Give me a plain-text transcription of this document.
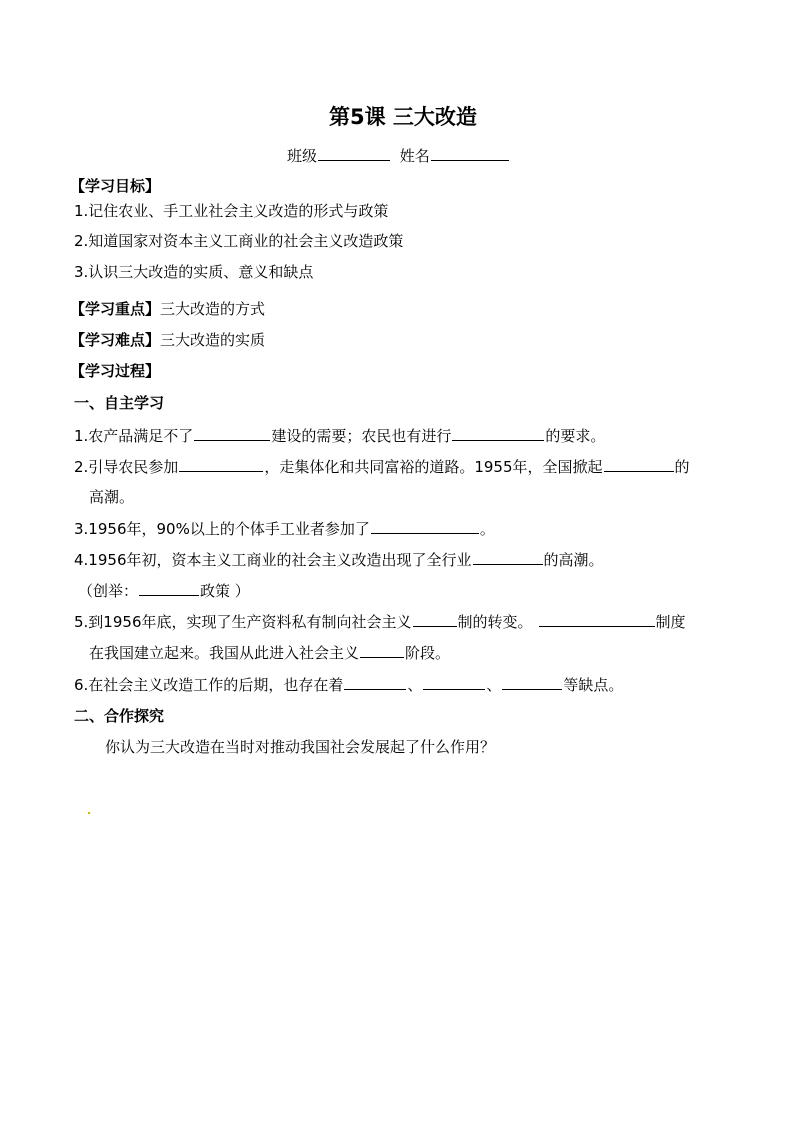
第5课 三大改造
班级	姓名
【学习目标】
1.记住农业、手工业社会主义改造的形式与政策
2.知道国家对资本主义工商业的社会主义改造政策
3.认识三大改造的实质、意义和缺点
【学习重点】三大改造的方式
【学习难点】三大改造的实质
【学习过程】
一、自主学习
1.农产品满足不了	建设的需要；农民也有进行	的要求。
2.引导农民参加	，走集体化和共同富裕的道路。1955年，全国掀起	的
高潮。
3.1956年，90%以上的个体手工业者参加了	。
4.1956年初，资本主义工商业的社会主义改造出现了全行业	的高潮。
（创举：	政策 ）
5.到1956年底，实现了生产资料私有制向社会主义	制的转变。	制度
在我国建立起来。我国从此进入社会主义	阶段。
6.在社会主义改造工作的后期，也存在着	、	、	等缺点。
二、合作探究
你认为三大改造在当时对推动我国社会发展起了什么作用？
